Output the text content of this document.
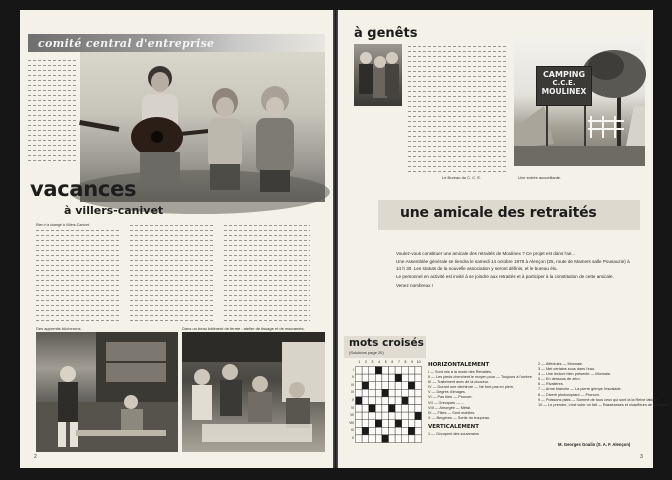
comité central d'entreprise
vacances
à villers-canivet
Rien n'a changé à Villers-Canivet.
Des apprentis bûcherons.	Dans un beau bâtiment de ferme : atelier de tissage et de macramés.
2
à genêts
CAMPING
C.C.E.
MOULINEX
Le Bureau du C. C. E.	Une entrée accueillante.
une amicale des retraités

Voulez-vous constituer une amicale des retraités de Moulinex ? Ce projet est dans l'air...

Une Assemblée générale se tiendra le samedi 14 octobre 1978 à Alençon (25, route de Mamers salle Pousauzie) à 14 h 30. Les statuts de la nouvelle association y seront définis, et le bureau élu.

Le personnel en activité est invité à se joindre aux retraités et à participer à la constitution de cette amicale.

Venez nombreux !

mots croisés
(Solutions page 20)
1	2	3	4	5	6	7	8	9	10
I
II
III
IV
V
VI
VII
VIII
IX
X
HORIZONTALEMENT
I — Sont mis à la mode des Retraités.
II — Les pieds cherchent le moyen pour — Toujours à l'ombre.
III — Traitement avec de la douceur.
IV — Durant une déchirure — Ne font pas en plein.
V — Degrés d'images.
VI — Pas bien — Pronom.
VII — Grecques — ...
VIII — Amorgée — Métal.
IX — Filles — Sont mobiles.
X — Bergères — Sortie du troupeau.
VERTICALEMENT
1 — Occupent des souverains
2 — Affectués — Monnaie.
3 — Met certains sous dans l'eau.
4 — Une lecture bien présente — Monnaie.
5 — En dessous de zéro.
6 — Rivalières.
7 — Arme blanche — La pierre grimpe l'escalade.
8 — Diverti photocopiant — Pronom.
9 — Poissons plats — Sommé de tous ceux qui sont là la Reine latique.
10 — Le prendre, c'est voler un fait — Rasséanses et chauffeurs de services.
M. Georges Goulin (S. A. F. Alençon)
3
